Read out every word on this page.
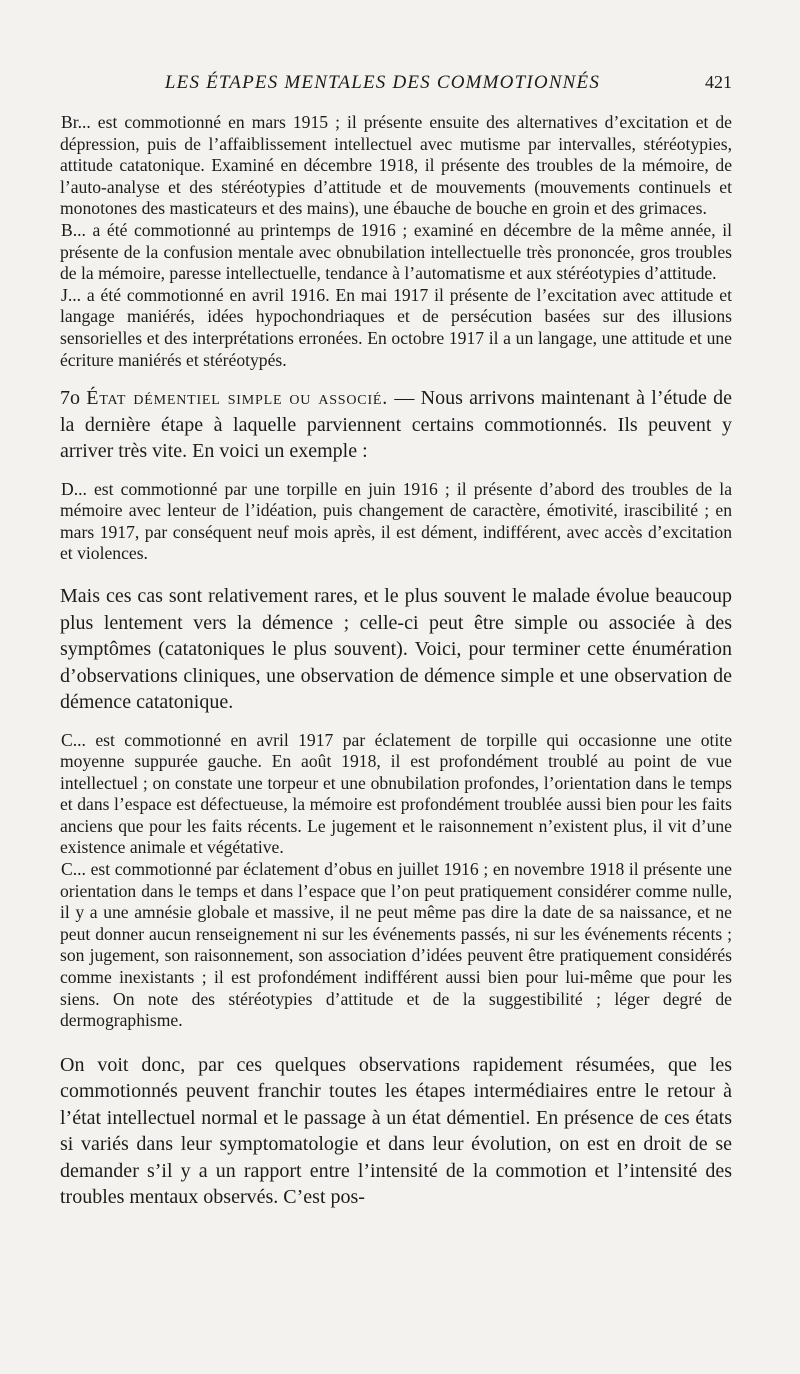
LES ÉTAPES MENTALES DES COMMOTIONNÉS	421

Br... est commotionné en mars 1915 ; il présente ensuite des alternatives d’excitation et de dépression, puis de l’affaiblissement intellectuel avec mutisme par intervalles, stéréotypies, attitude catatonique. Examiné en décembre 1918, il présente des troubles de la mémoire, de l’auto-analyse et des stéréotypies d’attitude et de mouvements (mouvements continuels et monotones des masticateurs et des mains), une ébauche de bouche en groin et des grimaces.

B... a été commotionné au printemps de 1916 ; examiné en décembre de la même année, il présente de la confusion mentale avec obnubilation intellectuelle très prononcée, gros troubles de la mémoire, paresse intellectuelle, tendance à l’automatisme et aux stéréotypies d’attitude.

J... a été commotionné en avril 1916. En mai 1917 il présente de l’excitation avec attitude et langage maniérés, idées hypochondriaques et de persécution basées sur des illusions sensorielles et des interprétations erronées. En octobre 1917 il a un langage, une attitude et une écriture maniérés et stéréotypés.

7o État démentiel simple ou associé. — Nous arrivons maintenant à l’étude de la dernière étape à laquelle parviennent certains commotionnés. Ils peuvent y arriver très vite. En voici un exemple :

D... est commotionné par une torpille en juin 1916 ; il présente d’abord des troubles de la mémoire avec lenteur de l’idéation, puis changement de caractère, émotivité, irascibilité ; en mars 1917, par conséquent neuf mois après, il est dément, indifférent, avec accès d’excitation et violences.

Mais ces cas sont relativement rares, et le plus souvent le malade évolue beaucoup plus lentement vers la démence ; celle-ci peut être simple ou associée à des symptômes (catatoniques le plus souvent). Voici, pour terminer cette énumération d’observations cliniques, une observation de démence simple et une observation de démence catatonique.

C... est commotionné en avril 1917 par éclatement de torpille qui occasionne une otite moyenne suppurée gauche. En août 1918, il est profondément troublé au point de vue intellectuel ; on constate une torpeur et une obnubilation profondes, l’orientation dans le temps et dans l’espace est défectueuse, la mémoire est profondément troublée aussi bien pour les faits anciens que pour les faits récents. Le jugement et le raisonnement n’existent plus, il vit d’une existence animale et végétative.

C... est commotionné par éclatement d’obus en juillet 1916 ; en novembre 1918 il présente une orientation dans le temps et dans l’espace que l’on peut pratiquement considérer comme nulle, il y a une amnésie globale et massive, il ne peut même pas dire la date de sa naissance, et ne peut donner aucun renseignement ni sur les événements passés, ni sur les événements récents ; son jugement, son raisonnement, son association d’idées peuvent être pratiquement considérés comme inexistants ; il est profondément indifférent aussi bien pour lui-même que pour les siens. On note des stéréotypies d’attitude et de la suggestibilité ; léger degré de dermographisme.

On voit donc, par ces quelques observations rapidement résumées, que les commotionnés peuvent franchir toutes les étapes intermédiaires entre le retour à l’état intellectuel normal et le passage à un état démentiel. En présence de ces états si variés dans leur symptomatologie et dans leur évolution, on est en droit de se demander s’il y a un rapport entre l’intensité de la commotion et l’intensité des troubles mentaux observés. C’est pos-
